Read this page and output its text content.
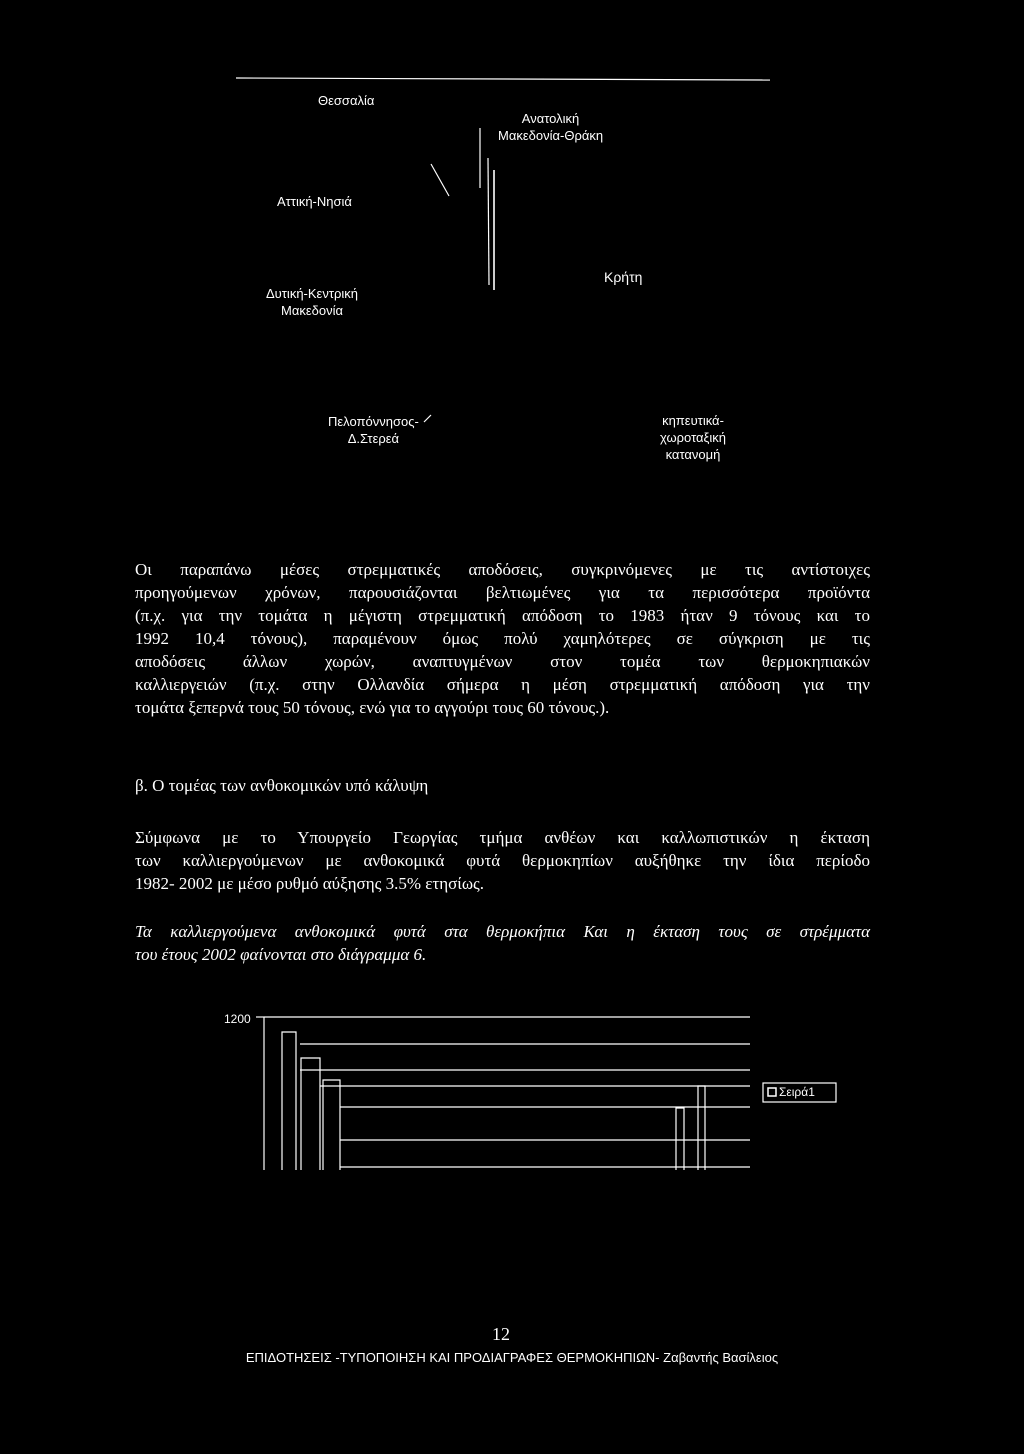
Θεσσαλία
Ανατολική
Μακεδονία-Θράκη
Αττική-Νησιά
Κρήτη
Δυτική-Κεντρική
Μακεδονία
Πελοπόννησος-
Δ.Στερεά
κηπευτικά-
χωροταξική
κατανομή
Οι παραπάνω μέσες στρεμματικές αποδόσεις, συγκρινόμενες με τις αντίστοιχες
προηγούμενων χρόνων, παρουσιάζονται βελτιωμένες για τα περισσότερα προϊόντα
(π.χ. για την τομάτα η μέγιστη στρεμματική απόδοση το 1983 ήταν 9 τόνους και το
1992 10,4 τόνους), παραμένουν όμως πολύ χαμηλότερες σε σύγκριση με τις
αποδόσεις άλλων χωρών, αναπτυγμένων στον τομέα των θερμοκηπιακών
καλλιεργειών (π.χ. στην Ολλανδία σήμερα η μέση στρεμματική απόδοση για την
τομάτα ξεπερνά τους 50 τόνους, ενώ για το αγγούρι τους 60 τόνους.).
β. Ο τομέας των ανθοκομικών υπό κάλυψη
Σύμφωνα με το Υπουργείο Γεωργίας τμήμα ανθέων και καλλωπιστικών η έκταση
των καλλιεργούμενων με ανθοκομικά φυτά θερμοκηπίων αυξήθηκε την ίδια περίοδο
1982- 2002 με μέσο ρυθμό αύξησης 3.5% ετησίως.
Τα καλλιεργούμενα ανθοκομικά φυτά στα θερμοκήπια Και η έκταση τους σε στρέμματα
του έτους 2002 φαίνονται στο διάγραμμα 6.
1200
Σειρά1
12
ΕΠΙΔΟΤΗΣΕΙΣ -ΤΥΠΟΠΟΙΗΣΗ ΚΑΙ ΠΡΟΔΙΑΓΡΑΦΕΣ ΘΕΡΜΟΚΗΠΙΩΝ- Ζαβαντής Βασίλειος
